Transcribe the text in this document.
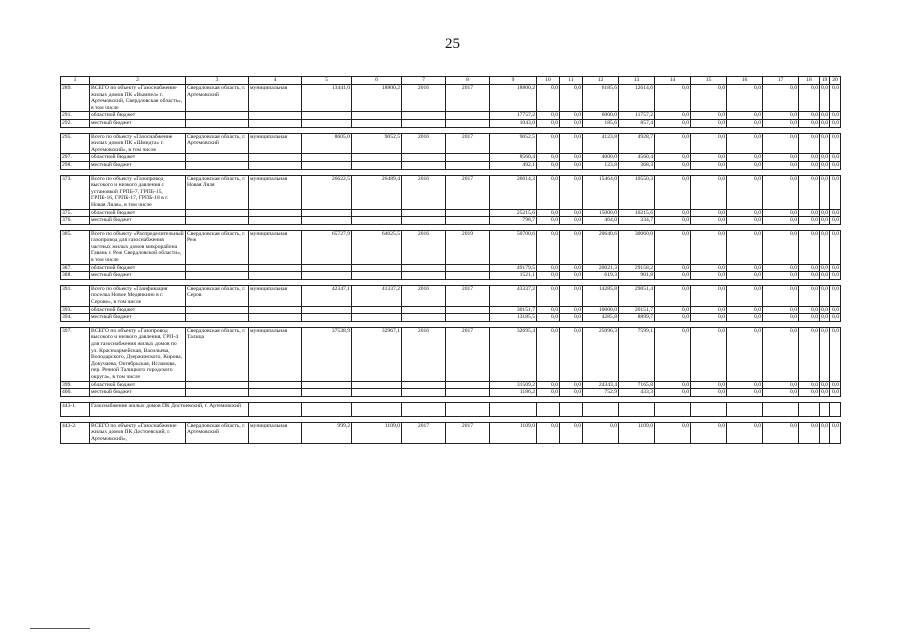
25
1	2	3	4	5	6	7	8	9	10	11	12	13	14	15	16	17	18	19	20
289.	ВСЕГО по объекту «Газоснабжение жилых домов ПК «Вымпел» г. Артемовский, Свердловская область», в том числе	Свердловская область, г. Артемовский	муниципальная	13441,0	18800,2	2016	2017	18800,2	0,0	0,0	6185,6	12614,6	0,0	0,0	0,0	0,0	0,0	0,0	0,0
291.	областной бюджет							17757,2	0,0	0,0	6000,0	11757,2	0,0	0,0	0,0	0,0	0,0	0,0	0,0
292.	местный бюджет							1043,0	0,0	0,0	185,6	857,4	0,0	0,0	0,0	0,0	0,0	0,0	0,0

295.	Всего по объекту «Газоснабжение жилых домов ПК «Шмидта» г. Артемовский», в том числе	Свердловская область, г. Артемовский	муниципальная	8605,0	9052,5	2016	2017	9052,5	0,0	0,0	4123,8	4928,7	0,0	0,0	0,0	0,0	0,0	0,0	0,0
297.	областной бюджет							8560,4	0,0	0,0	4000,0	4560,4	0,0	0,0	0,0	0,0	0,0	0,0	0,0
298.	местный бюджет							492,1	0,0	0,0	123,8	368,3	0,0	0,0	0,0	0,0	0,0	0,0	0,0

373.	Всего по объекту «Газопровод высокого и низкого давления с установкой ГРПБ-7, ГРПБ-15, ГРПБ-16, ГРПБ-17, ГРПБ-18 в г. Новая Ляля», в том числе	Свердловская область, г. Новая Ляля	муниципальная	26622,5	26489,4	2016	2017	26014,3	0,0	0,0	15464,0	10550,3	0,0	0,0	0,0	0,0	0,0	0,0	0,0
375.	областной бюджет							25215,6	0,0	0,0	15000,0	10215,6	0,0	0,0	0,0	0,0	0,0	0,0	0,0
376.	местный бюджет							798,7	0,0	0,0	464,0	334,7	0,0	0,0	0,0	0,0	0,0	0,0	0,0

385.	Всего по объекту «Распределительный газопровод для газоснабжения частных жилых домов микрорайона Гавань г. Реж Свердловской области», в том числе	Свердловская область, г. Реж	муниципальная	65727,9	64025,5	2016	2019	50700,6	0,0	0,0	20640,6	30060,0	0,0	0,0	0,0	0,0	0,0	0,0	0,0
387.	областной бюджет							49179,5	0,0	0,0	20021,3	29158,2	0,0	0,0	0,0	0,0	0,0	0,0	0,0
388.	местный бюджет							1521,1	0,0	0,0	619,3	901,8	0,0	0,0	0,0	0,0	0,0	0,0	0,0

391.	Всего по объекту «Газификация поселка Новое Медянкино в г. Серове», в том числе	Свердловская область, г. Серов	муниципальная	42347,1	41337,2	2016	2017	43337,2	0,0	0,0	14285,8	29051,4	0,0	0,0	0,0	0,0	0,0	0,0	0,0
393.	областной бюджет							30151,7	0,0	0,0	10000,0	20151,7	0,0	0,0	0,0	0,0	0,0	0,0	0,0
394.	местный бюджет							13185,5	0,0	0,0	4285,8	8899,7	0,0	0,0	0,0	0,0	0,0	0,0	0,0

397.	ВСЕГО по объекту «Газопровод высокого и низкого давления, ГРП-4 для газоснабжения жилых домов по ул. Красноармейская, Васильева, Володарского, Дзержинского, Кирова, Докучаева, Октябрьская, Исламова, пер. Речной Талицкого городского округа», в том числе	Свердловская область, г. Талица	муниципальная	37538,9	32967,1	2016	2017	32695,4	0,0	0,0	25096,3	7599,1	0,0	0,0	0,0	0,0	0,0	0,0	0,0
399.	областной бюджет							31509,2	0,0	0,0	24343,4	7165,8	0,0	0,0	0,0	0,0	0,0	0,0	0,0
400.	местный бюджет							1186,2	0,0	0,0	752,9	433,3	0,0	0,0	0,0	0,0	0,0	0,0	0,0

443-1.	Газоснабжение жилых домов ПК Достоевский, г. Артемовский																		

443-2.	ВСЕГО по объекту «Газоснабжение жилых домов ПК Достоевский, г. Артемовский»,	Свердловская область, г. Артемовский	муниципальная	999,2	1109,0	2017	2017	1109,0	0,0	0,0	0,0	1109,0	0,0	0,0	0,0	0,0	0,0	0,0	0,0
